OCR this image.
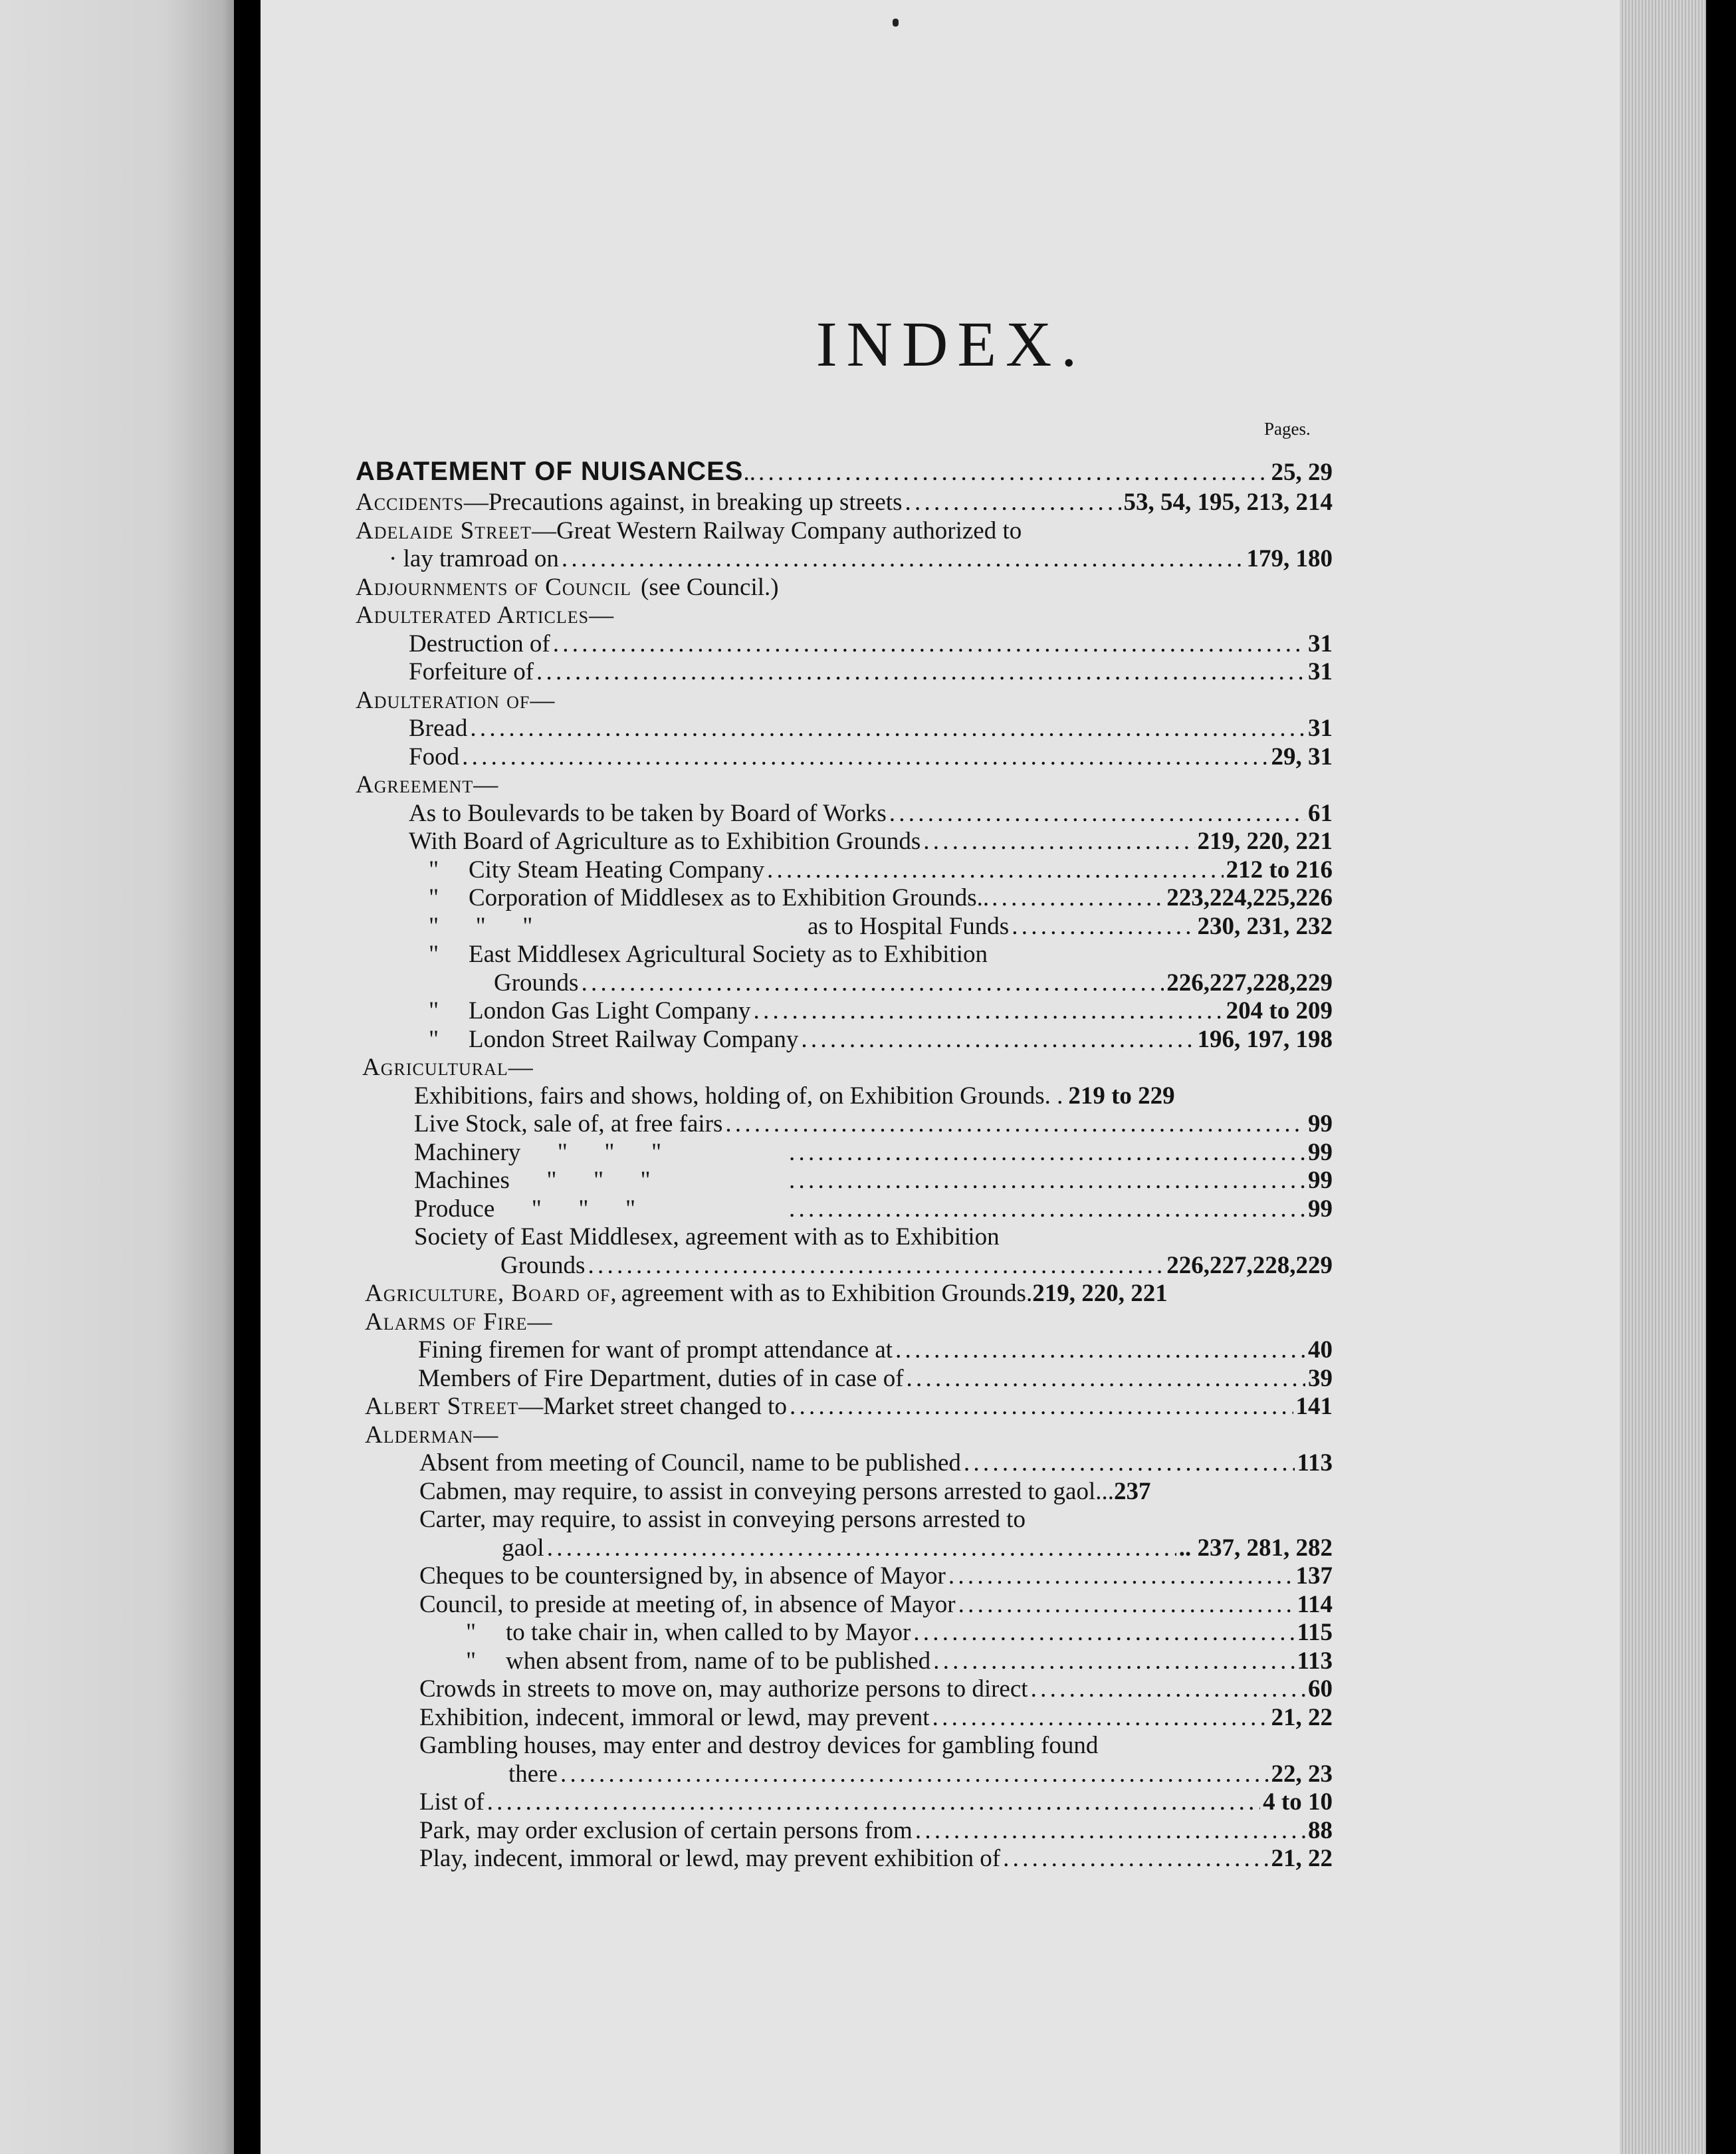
INDEX.
Pages.
ABATEMENT OF NUISANCES .. . . .	25, 29
Accidents —Precautions against, in breaking up streets . . .	53, 54, 195, 213, 214
Adelaide Street —Great Western Railway Company authorized to
· lay tramroad on . . .	179, 180
Adjournments of Council (see Council.)
Adulterated Articles—
Destruction of . . .	31
Forfeiture of . . .	31
Adulteration of—
Bread . . .	31
Food . . .	29, 31
Agreement—
As to Boulevards to be taken by Board of Works . . .	61
With Board of Agriculture as to Exhibition Grounds . . .	219, 220, 221
"	City Steam Heating Company . . .	212 to 216
"	Corporation of Middlesex as to Exhibition Grounds.. . . .	223,224,225,226
"      "      "	as to Hospital Funds . . .	230, 231, 232
"	East Middlesex Agricultural Society as to Exhibition
Grounds . . .	226,227,228,229
"	London Gas Light Company . . .	204 to 209
"	London Street Railway Company . . .	196, 197, 198
Agricultural—
Exhibitions, fairs and shows, holding of, on Exhibition Grounds. . 219 to 229
Live Stock, sale of, at free fairs . . .	99
Machinery      "      "      " . . .	99
Machines      "      "      " . . .	99
Produce      "      "      " . . .	99
Society of East Middlesex, agreement with as to Exhibition
Grounds . . .	226,227,228,229
Agriculture, Board of, agreement with as to Exhibition Grounds. 219, 220, 221
Alarms of Fire—
Fining firemen for want of prompt attendance at . . .	40
Members of Fire Department, duties of in case of . . .	39
Albert Street —Market street changed to . . .	141
Alderman—
Absent from meeting of Council, name to be published . . .	113
Cabmen, may require, to assist in conveying persons arrested to gaol... 237
Carter, may require, to assist in conveying persons arrested to
gaol . . .	.. 237, 281, 282
Cheques to be countersigned by, in absence of Mayor . . .	137
Council, to preside at meeting of, in absence of Mayor . . .	114
"	to take chair in, when called to by Mayor . . .	115
"	when absent from, name of to be published . . .	113
Crowds in streets to move on, may authorize persons to direct . . .	60
Exhibition, indecent, immoral or lewd, may prevent . . .	21, 22
Gambling houses, may enter and destroy devices for gambling found
there . . .	22, 23
List of . . .	4 to 10
Park, may order exclusion of certain persons from . . .	88
Play, indecent, immoral or lewd, may prevent exhibition of . . .	21, 22
